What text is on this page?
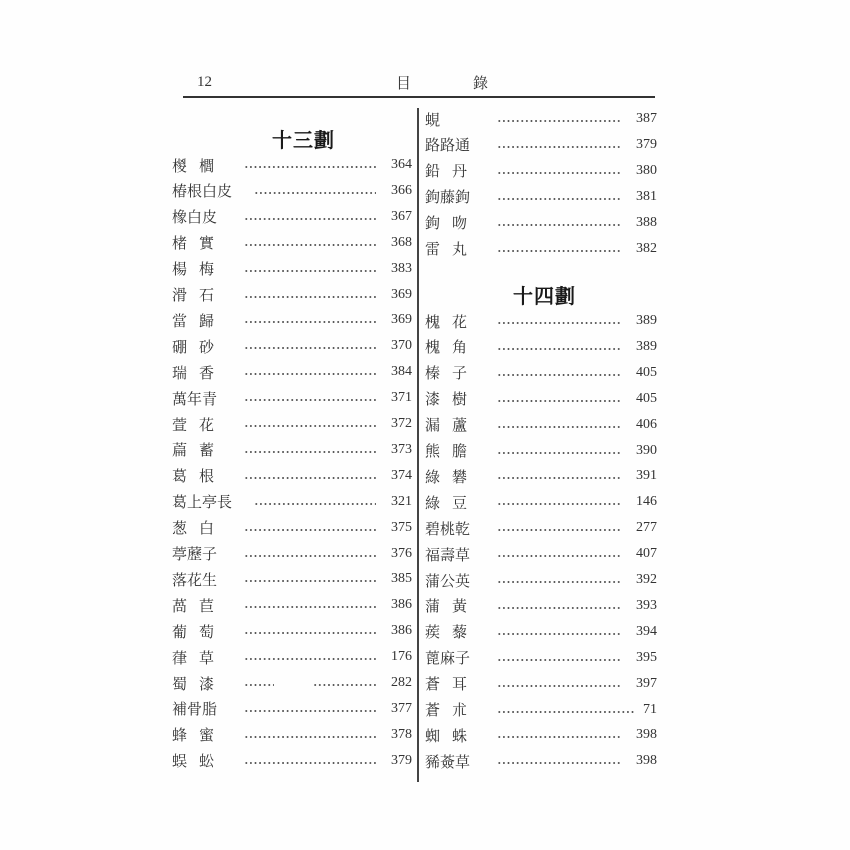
12	目錄
十三劃
椶櫚	364
椿根白皮	366
橡白皮	367
楮實	368
楊梅	383
滑石	369
當歸	369
硼砂	370
瑞香	384
萬年青	371
萱花	372
萹蓄	373
葛根	374
葛上亭長	321
葱白	375
葶藶子	376
落花生	385
萵苣	386
葡萄	386
葎草	176
蜀漆	282
補骨脂	377
蜂蜜	378
蜈蚣	379
蜆	387
路路通	379
鉛丹	380
鉤藤鉤	381
鉤吻	388
雷丸	382
十四劃
槐花	389
槐角	389
榛子	405
漆樹	405
漏蘆	406
熊膽	390
綠礬	391
綠豆	146
碧桃乾	277
福壽草	407
蒲公英	392
蒲黃	393
蒺藜	394
蓖麻子	395
蒼耳	397
蒼朮	71
蜘蛛	398
豨薟草	398
